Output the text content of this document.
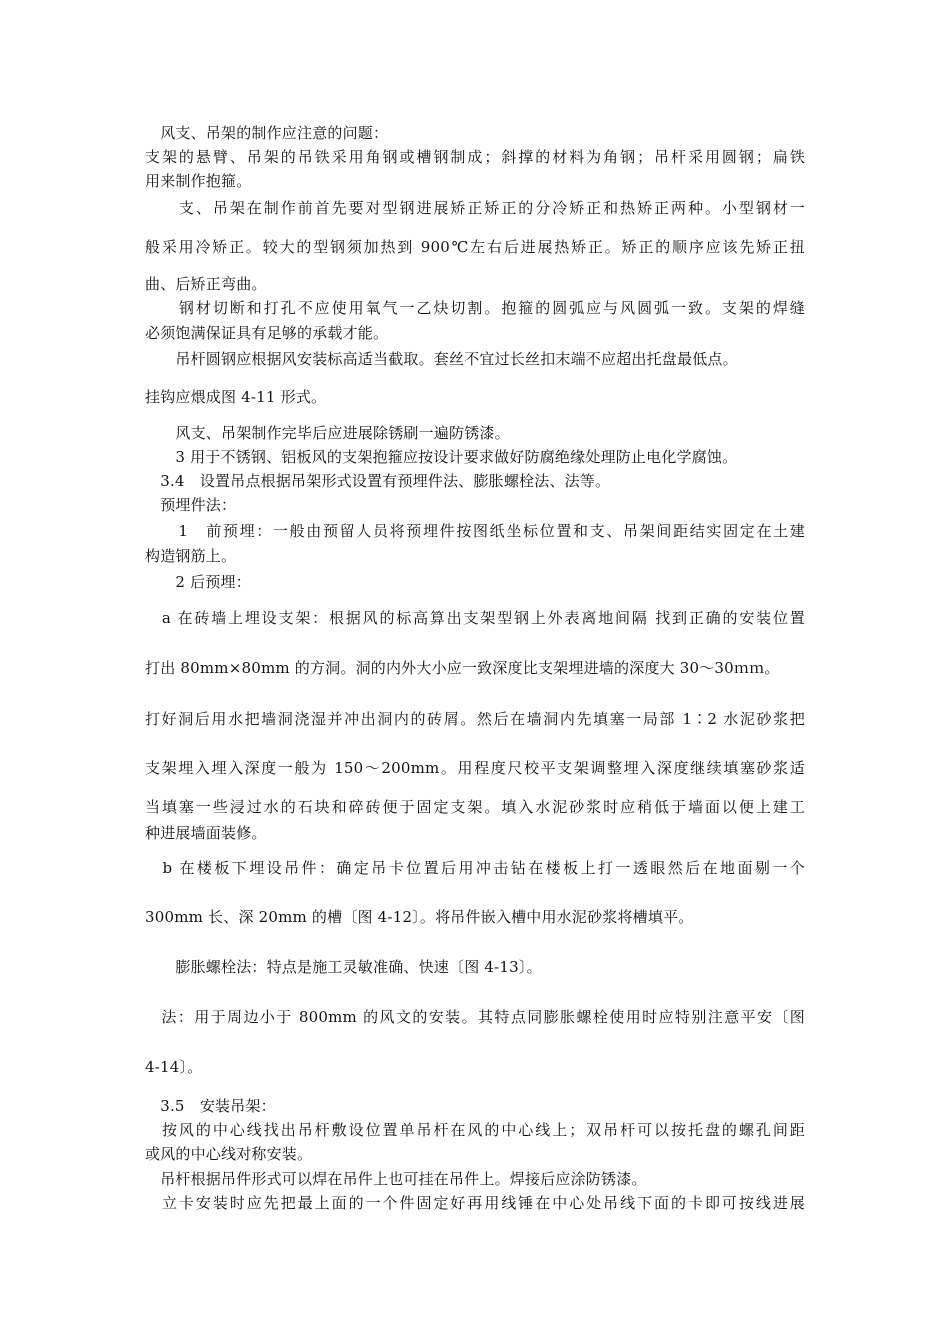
　风支、吊架的制作应注意的问题：
支架的悬臂、吊架的吊铁采用角钢或槽钢制成；斜撑的材料为角钢；吊杆采用圆钢；扁铁
用来制作抱箍。
　　支、吊架在制作前首先要对型钢进展矫正矫正的分冷矫正和热矫正两种。小型钢材一
般采用冷矫正。较大的型钢须加热到 900℃左右后进展热矫正。矫正的顺序应该先矫正扭
曲、后矫正弯曲。
　　钢材切断和打孔不应使用氧气一乙炔切割。抱箍的圆弧应与风圆弧一致。支架的焊缝
必须饱满保证具有足够的承载才能。
　　吊杆圆钢应根据风安装标高适当截取。套丝不宜过长丝扣末端不应超出托盘最低点。
挂钩应煨成图 4-11 形式。
　　风支、吊架制作完毕后应进展除锈刷一遍防锈漆。
　　3 用于不锈钢、铝板风的支架抱箍应按设计要求做好防腐绝缘处理防止电化学腐蚀。
　3.4　设置吊点根据吊架形式设置有预埋件法、膨胀螺栓法、法等。
　预埋件法：
　　1　前预埋：一般由预留人员将预埋件按图纸坐标位置和支、吊架间距结实固定在土建
构造钢筋上。
　　2 后预埋：
　a 在砖墙上埋设支架：根据风的标高算出支架型钢上外表离地间隔 找到正确的安装位置
打出 80mm×80mm 的方洞。洞的内外大小应一致深度比支架埋进墙的深度大 30～30ｍｍ。
打好洞后用水把墙洞浇湿并冲出洞内的砖屑。然后在墙洞内先填塞一局部 1∶2 水泥砂浆把
支架埋入埋入深度一般为 150～200mm。用程度尺校平支架调整埋入深度继续填塞砂浆适
当填塞一些浸过水的石块和碎砖便于固定支架。填入水泥砂浆时应稍低于墙面以便上建工
种进展墙面装修。
　b 在楼板下埋设吊件：确定吊卡位置后用冲击钻在楼板上打一透眼然后在地面剔一个
300mm 长、深 20mm 的槽〔图 4-12〕。将吊件嵌入槽中用水泥砂浆将槽填平。
　　膨胀螺栓法：特点是施工灵敏准确、快速〔图 4-13〕。
　法：用于周边小于 800mm 的风文的安装。其特点同膨胀螺栓使用时应特别注意平安〔图
4-14〕。
　3.5　安装吊架：
　按风的中心线找出吊杆敷设位置单吊杆在风的中心线上；双吊杆可以按托盘的螺孔间距
或风的中心线对称安装。
　吊杆根据吊件形式可以焊在吊件上也可挂在吊件上。焊接后应涂防锈漆。
　立卡安装时应先把最上面的一个件固定好再用线锤在中心处吊线下面的卡即可按线进展
